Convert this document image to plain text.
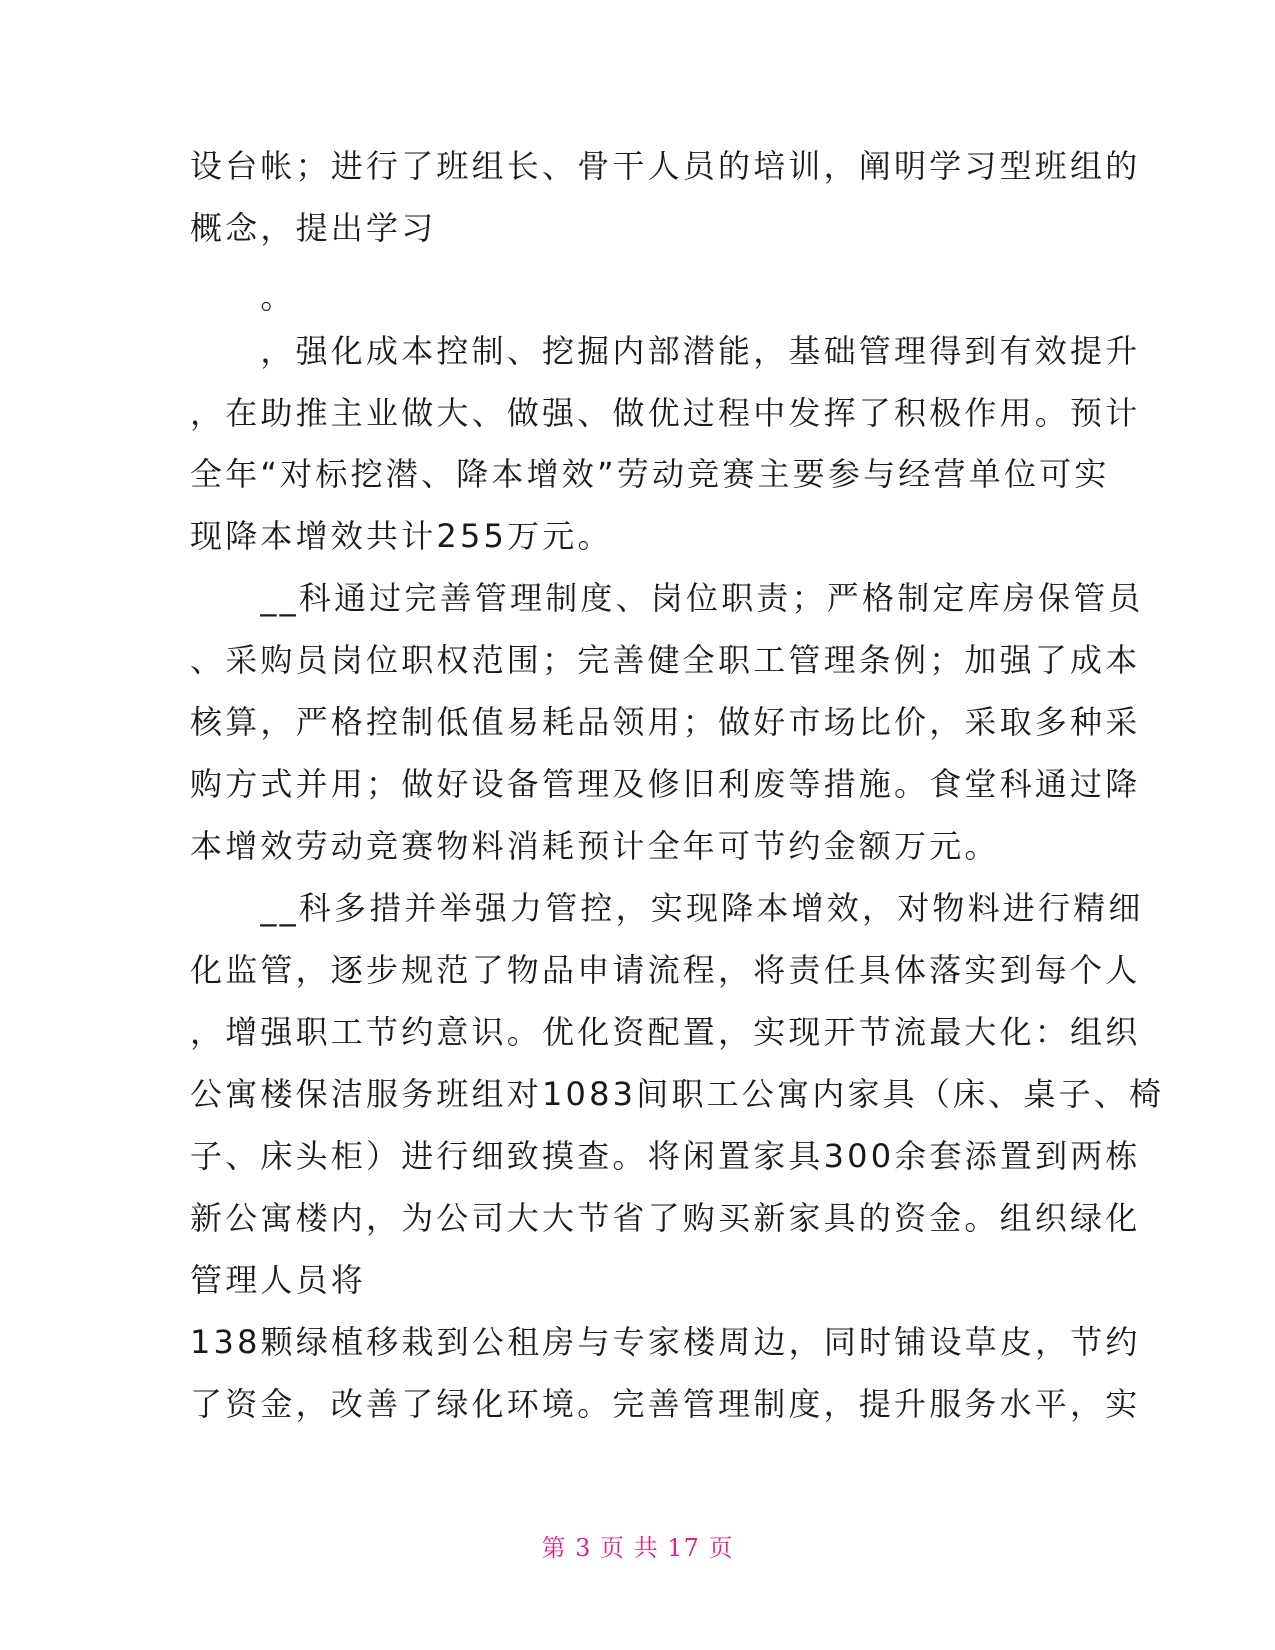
设台帐；进行了班组长、骨干人员的培训，阐明学习型班组的
概念，提出学习
　　。
　　，强化成本控制、挖掘内部潜能，基础管理得到有效提升
，在助推主业做大、做强、做优过程中发挥了积极作用。预计
全年“对标挖潜、降本增效”劳动竞赛主要参与经营单位可实
现降本增效共计255万元。
　　__科通过完善管理制度、岗位职责；严格制定库房保管员
、采购员岗位职权范围；完善健全职工管理条例；加强了成本
核算，严格控制低值易耗品领用；做好市场比价，采取多种采
购方式并用；做好设备管理及修旧利废等措施。食堂科通过降
本增效劳动竞赛物料消耗预计全年可节约金额万元。
　　__科多措并举强力管控，实现降本增效，对物料进行精细
化监管，逐步规范了物品申请流程，将责任具体落实到每个人
，增强职工节约意识。优化资配置，实现开节流最大化：组织
公寓楼保洁服务班组对1083间职工公寓内家具（床、桌子、椅
子、床头柜）进行细致摸查。将闲置家具300余套添置到两栋
新公寓楼内，为公司大大节省了购买新家具的资金。组织绿化
管理人员将
138颗绿植移栽到公租房与专家楼周边，同时铺设草皮，节约
了资金，改善了绿化环境。完善管理制度，提升服务水平，实
第 3 页 共 17 页
